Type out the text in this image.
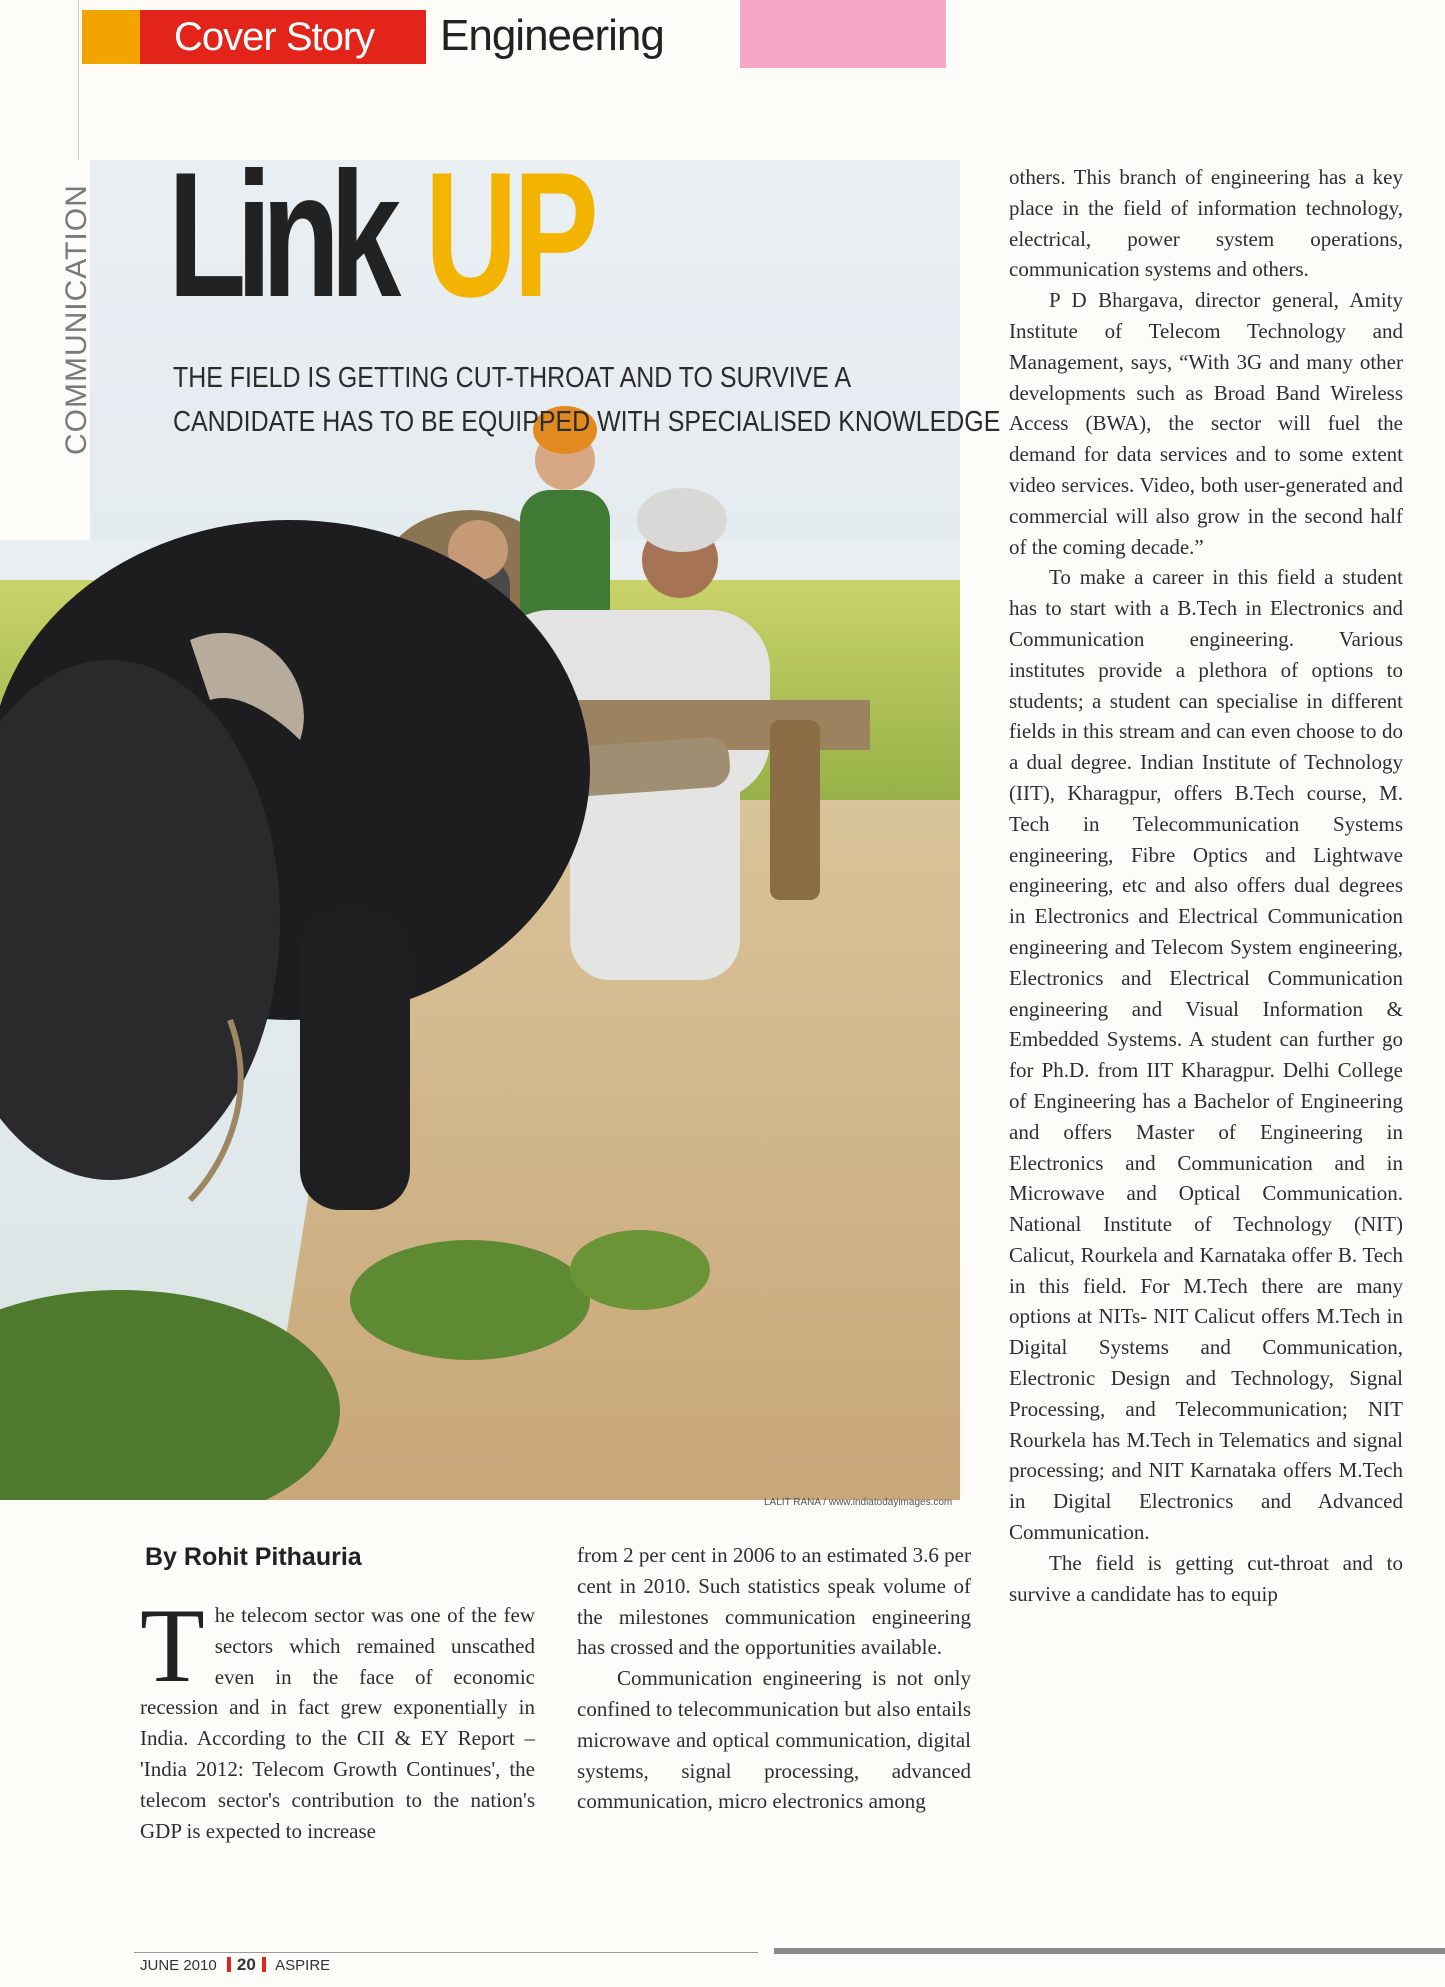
Cover Story	Engineering
LALIT RANA / www.indiatodayimages.com
COMMUNICATION Link UP
THE FIELD IS GETTING CUT-THROAT AND TO SURVIVE A
CANDIDATE HAS TO BE EQUIPPED WITH SPECIALISED KNOWLEDGE
By Rohit Pithauria

The telecom sector was one of the few sectors which remained unscathed even in the face of economic recession and in fact grew exponentially in India. According to the CII & EY Report – 'India 2012: Telecom Growth Continues', the telecom sector's contribution to the nation's GDP is expected to increase

from 2 per cent in 2006 to an estimated 3.6 per cent in 2010. Such statistics speak volume of the milestones communication engineering has crossed and the opportunities available.

Communication engineering is not only confined to telecommunication but also entails microwave and optical communication, digital systems, signal processing, advanced communication, micro electronics among

others. This branch of engineering has a key place in the field of information technology, electrical, power system operations, communication systems and others.

P D Bhargava, director general, Amity Institute of Telecom Technology and Management, says, “With 3G and many other developments such as Broad Band Wireless Access (BWA), the sector will fuel the demand for data services and to some extent video services. Video, both user-generated and commercial will also grow in the second half of the coming decade.”

To make a career in this field a student has to start with a B.Tech in Electronics and Communication engineering. Various institutes provide a plethora of options to students; a student can specialise in different fields in this stream and can even choose to do a dual degree. Indian Institute of Technology (IIT), Kharagpur, offers B.Tech course, M. Tech in Telecommunication Systems engineering, Fibre Optics and Lightwave engineering, etc and also offers dual degrees in Electronics and Electrical Communication engineering and Telecom System engineering, Electronics and Electrical Communication engineering and Visual Information & Embedded Systems. A student can further go for Ph.D. from IIT Kharagpur. Delhi College of Engineering has a Bachelor of Engineering and offers Master of Engineering in Electronics and Communication and in Microwave and Optical Communication. National Institute of Technology (NIT) Calicut, Rourkela and Karnataka offer B. Tech in this field. For M.Tech there are many options at NITs- NIT Calicut offers M.Tech in Digital Systems and Communication, Electronic Design and Technology, Signal Processing, and Telecommunication; NIT Rourkela has M.Tech in Telematics and signal processing; and NIT Karnataka offers M.Tech in Digital Electronics and Advanced Communication.

The field is getting cut-throat and to survive a candidate has to equip

JUNE 2010 20 ASPIRE
